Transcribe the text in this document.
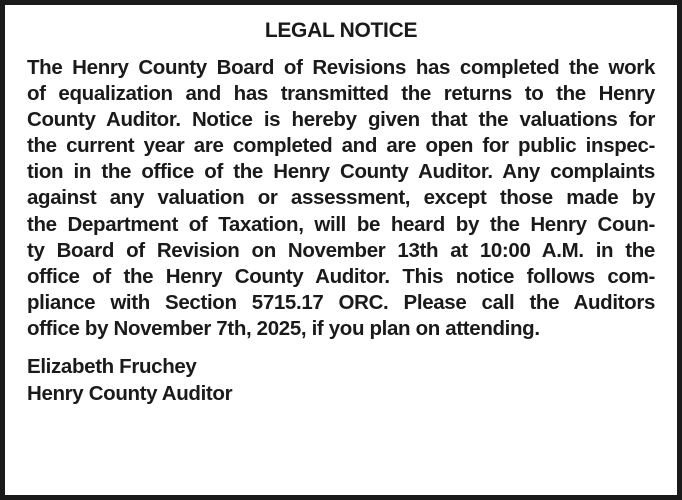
LEGAL NOTICE
The Henry County Board of Revisions has completed the work
of equalization and has transmitted the returns to the Henry
County Auditor. Notice is hereby given that the valuations for
the current year are completed and are open for public inspec-
tion in the office of the Henry County Auditor. Any complaints
against any valuation or assessment, except those made by
the Department of Taxation, will be heard by the Henry Coun-
ty Board of Revision on November 13th at 10:00 A.M. in the
office of the Henry County Auditor. This notice follows com-
pliance with Section 5715.17 ORC. Please call the Auditors
office by November 7th, 2025, if you plan on attending.
Elizabeth Fruchey
Henry County Auditor
